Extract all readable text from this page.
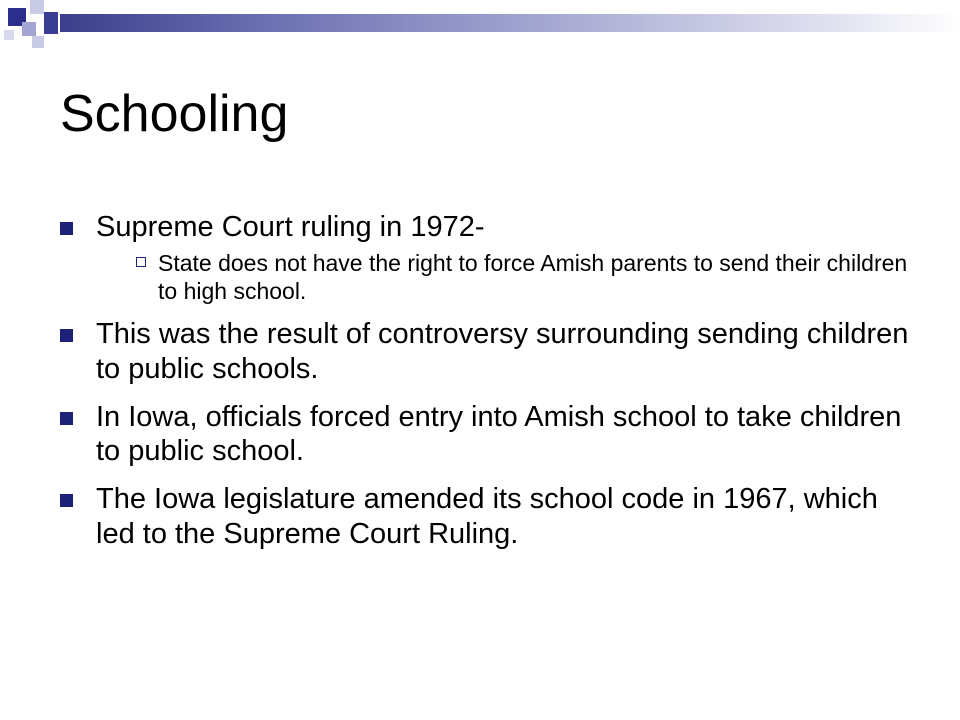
Schooling
Supreme Court ruling in 1972-
State does not have the right to force Amish parents to send their children to high school.
This was the result of controversy surrounding sending children to public schools.
In Iowa, officials forced entry into Amish school to take children to public school.
The Iowa legislature amended its school code in 1967, which led to the Supreme Court Ruling.
